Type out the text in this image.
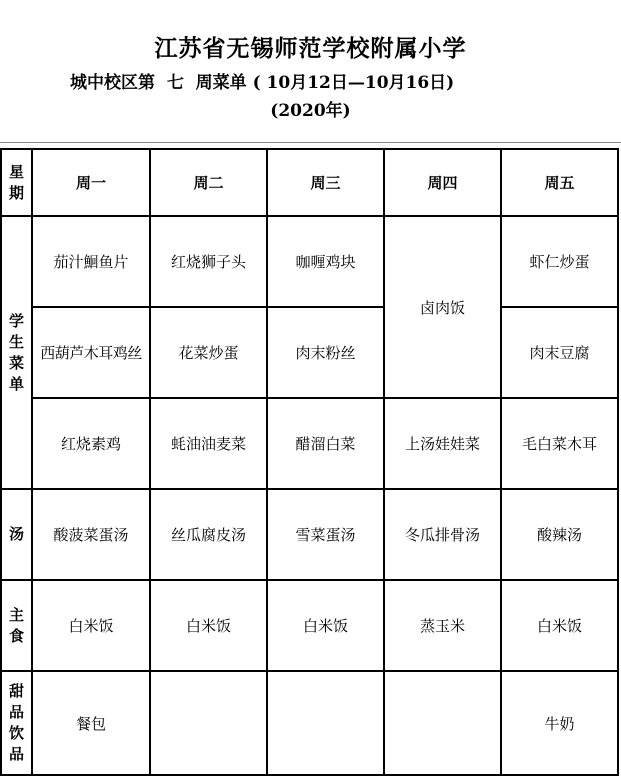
江苏省无锡师范学校附属小学
城中校区第  七  周菜单 ( 10月12日—10月16日)
(2020年)
星
期	周一	周二	周三	周四	周五

学
生
菜
单	茄汁鮰鱼片	红烧狮子头	咖喱鸡块	卤肉饭	虾仁炒蛋
	西葫芦木耳鸡丝	花菜炒蛋	肉末粉丝		肉末豆腐
	红烧素鸡	蚝油油麦菜	醋溜白菜	上汤娃娃菜	毛白菜木耳
汤	酸菠菜蛋汤	丝瓜腐皮汤	雪菜蛋汤	冬瓜排骨汤	酸辣汤

主
食	白米饭	白米饭	白米饭	蒸玉米	白米饭

甜
品
饮
品	餐包				牛奶
